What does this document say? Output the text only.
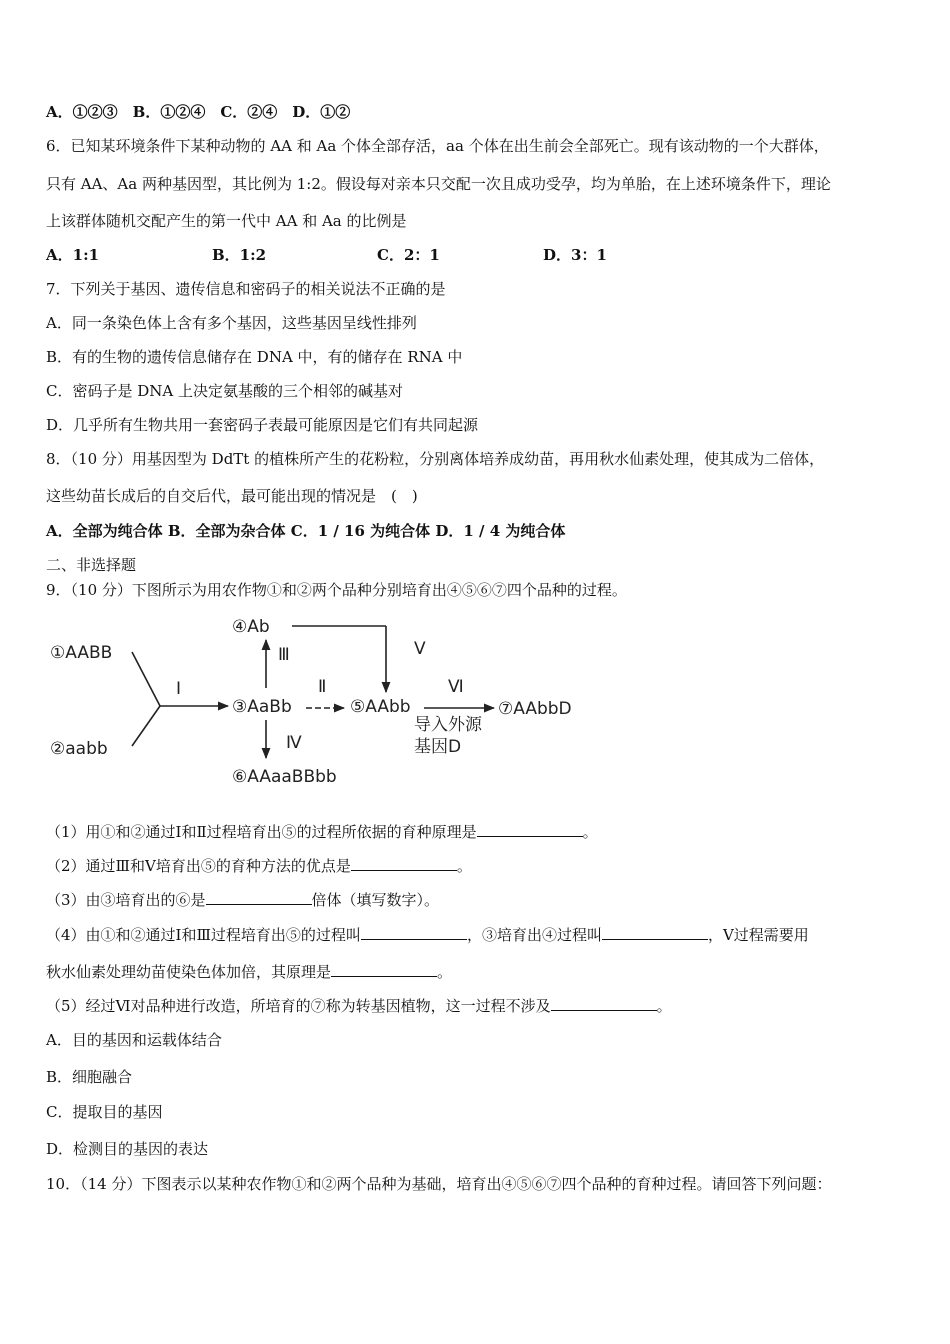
A．①②③　B．①②④　C．②④　D．①②
6．已知某环境条件下某种动物的 AA 和 Aa 个体全部存活，aa 个体在出生前会全部死亡。现有该动物的一个大群体，
只有 AA、Aa 两种基因型，其比例为 1:2。假设每对亲本只交配一次且成功受孕，均为单胎，在上述环境条件下，理论
上该群体随机交配产生的第一代中 AA 和 Aa 的比例是
A．1:1	B．1:2	C．2：1	D．3：1
7．下列关于基因、遗传信息和密码子的相关说法不正确的是
A．同一条染色体上含有多个基因，这些基因呈线性排列
B．有的生物的遗传信息储存在 DNA 中，有的储存在 RNA 中
C．密码子是 DNA 上决定氨基酸的三个相邻的碱基对
D．几乎所有生物共用一套密码子表最可能原因是它们有共同起源
8．（10 分）用基因型为 DdTt 的植株所产生的花粉粒，分别离体培养成幼苗，再用秋水仙素处理，使其成为二倍体，
这些幼苗长成后的自交后代，最可能出现的情况是　(　)
A．全部为纯合体 B．全部为杂合体 C．1 / 16 为纯合体 D．1 / 4 为纯合体
二、非选择题
9．（10 分）下图所示为用农作物①和②两个品种分别培育出④⑤⑥⑦四个品种的过程。
①AABB
②aabb
Ⅰ
③AaBb
④Ab
Ⅲ	Ⅴ
Ⅱ
⑤AAbb
Ⅵ
⑦AAbbD
导入外源
基因D
Ⅳ
⑥AAaaBBbb
（1）用①和②通过Ⅰ和Ⅱ过程培育出⑤的过程所依据的育种原理是	。
（2）通过Ⅲ和Ⅴ培育出⑤的育种方法的优点是	。
（3）由③培育出的⑥是	倍体（填写数字）。
（4）由①和②通过Ⅰ和Ⅲ过程培育出⑤的过程叫	，③培育出④过程叫	，Ⅴ过程需要用
秋水仙素处理幼苗使染色体加倍，其原理是	。
（5）经过Ⅵ对品种进行改造，所培育的⑦称为转基因植物，这一过程不涉及	。
A．目的基因和运载体结合
B．细胞融合
C．提取目的基因
D．检测目的基因的表达
10．（14 分）下图表示以某种农作物①和②两个品种为基础，培育出④⑤⑥⑦四个品种的育种过程。请回答下列问题：
